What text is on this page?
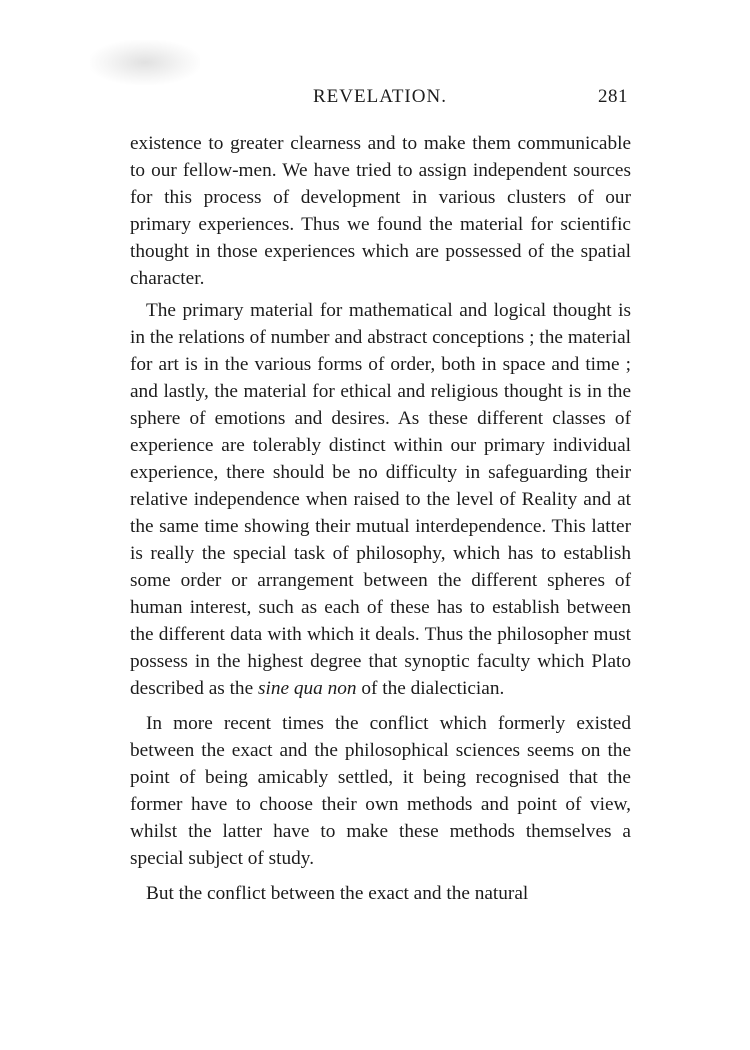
REVELATION.	281

existence to greater clearness and to make them communicable to our fellow-men. We have tried to assign independent sources for this process of development in various clusters of our primary experiences. Thus we found the material for scientific thought in those experiences which are possessed of the spatial character.

The primary material for mathematical and logical thought is in the relations of number and abstract conceptions ; the material for art is in the various forms of order, both in space and time ; and lastly, the material for ethical and religious thought is in the sphere of emotions and desires. As these different classes of experience are tolerably distinct within our primary individual experience, there should be no difficulty in safeguarding their relative independence when raised to the level of Reality and at the same time showing their mutual interdependence. This latter is really the special task of philosophy, which has to establish some order or arrangement between the different spheres of human interest, such as each of these has to establish between the different data with which it deals. Thus the philosopher must possess in the highest degree that synoptic faculty which Plato described as the sine qua non of the dialectician.

In more recent times the conflict which formerly existed between the exact and the philosophical sciences seems on the point of being amicably settled, it being recognised that the former have to choose their own methods and point of view, whilst the latter have to make these methods themselves a special subject of study.

But the conflict between the exact and the natural
